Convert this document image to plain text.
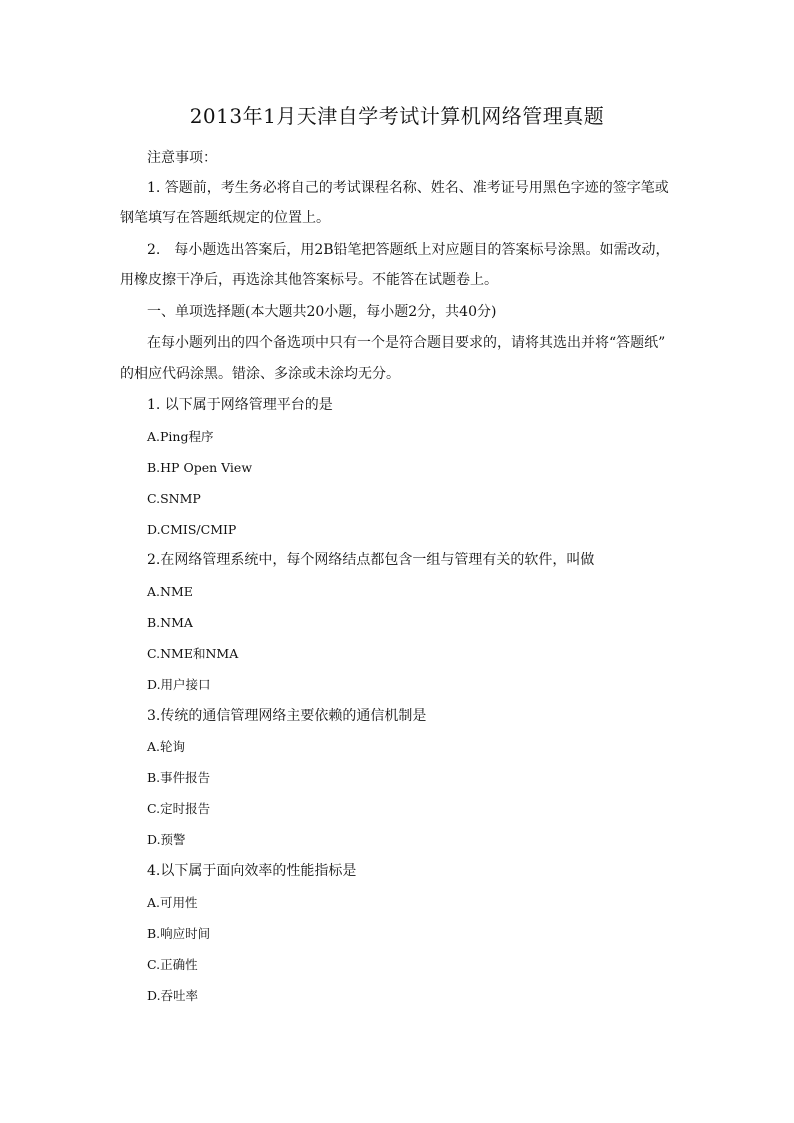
2013年1月天津自学考试计算机网络管理真题
注意事项：
1. 答题前，考生务必将自己的考试课程名称、姓名、准考证号用黑色字迹的签字笔或
钢笔填写在答题纸规定的位置上。
2.　每小题选出答案后，用2B铅笔把答题纸上对应题目的答案标号涂黑。如需改动，
用橡皮擦干净后，再选涂其他答案标号。不能答在试题卷上。
一、单项选择题(本大题共20小题，每小题2分，共40分)
在每小题列出的四个备选项中只有一个是符合题目要求的，请将其选出并将“答题纸”
的相应代码涂黑。错涂、多涂或未涂均无分。
1. 以下属于网络管理平台的是
A.Ping程序
B.HP Open View
C.SNMP
D.CMIS/CMIP
2.在网络管理系统中，每个网络结点都包含一组与管理有关的软件，叫做
A.NME
B.NMA
C.NME和NMA
D.用户接口
3.传统的通信管理网络主要依赖的通信机制是
A.轮询
B.事件报告
C.定时报告
D.预警
4.以下属于面向效率的性能指标是
A.可用性
B.响应时间
C.正确性
D.吞吐率
